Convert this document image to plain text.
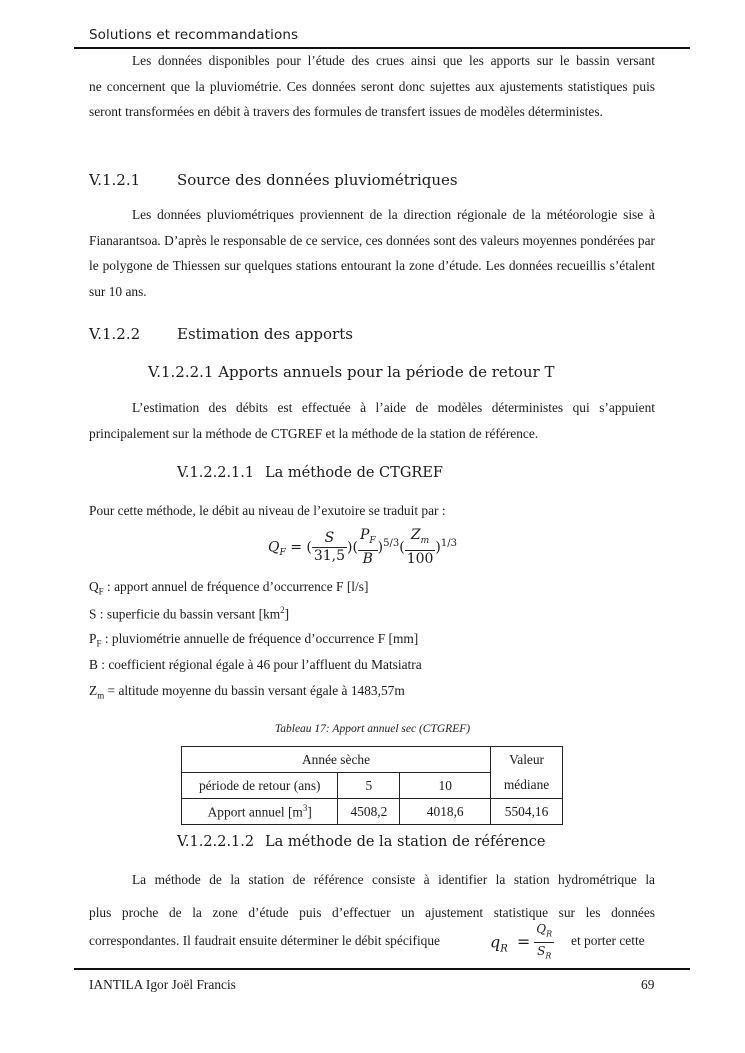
Solutions et recommandations
Les données disponibles pour l’étude des crues ainsi que les apports sur le bassin versant
ne concernent que la pluviométrie. Ces données seront donc sujettes aux ajustements statistiques puis seront transformées en débit à travers des formules de transfert issues de modèles déterministes.
V.1.2.1 Source des données pluviométriques
Les données pluviométriques proviennent de la direction régionale de la météorologie sise à Fianarantsoa. D’après le responsable de ce service, ces données sont des valeurs moyennes pondérées par le polygone de Thiessen sur quelques stations entourant la zone d’étude. Les données recueillis s’étalent sur 10 ans.
V.1.2.2 Estimation des apports
V.1.2.2.1 Apports annuels pour la période de retour T
L’estimation des débits est effectuée à l’aide de modèles déterministes qui s’appuient principalement sur la méthode de CTGREF et la méthode de la station de référence.
V.1.2.2.1.1 La méthode de CTGREF
Pour cette méthode, le débit au niveau de l’exutoire se traduit par :
$Q_F$ = ( $\frac{S}{31,5}$ )( $\frac{P_F}{B} )^{5/3}( \frac{Z_m}{100} )^{1/3}$
$Q_F$ : apport annuel de fréquence d’occurrence F [l/s]
S : superficie du bassin versant $[km^2]$
$P_F$ : pluviométrie annuelle de fréquence d’occurrence F [mm]
B : coefficient régional égale à 46 pour l’affluent du Matsiatra
$Z_m$ = altitude moyenne du bassin versant égale à 1483,57m
Tableau 17: Apport annuel sec (CTGREF)
Année sèche			Valeur
période de retour (ans)	5	10	médiane
Apport annuel $[m^3]$	4508,2	4018,6	5504,16
V.1.2.2.1.2 La méthode de la station de référence
La méthode de la station de référence consiste à identifier la station hydrométrique la
plus proche de la zone d’étude puis d’effectuer un ajustement statistique sur les données
correspondantes. Il faudrait ensuite déterminer le débit spécifique	$q_R = \frac{Q_R}{S_R}$ et porter cette
IANTILA Igor Joël Francis	69
